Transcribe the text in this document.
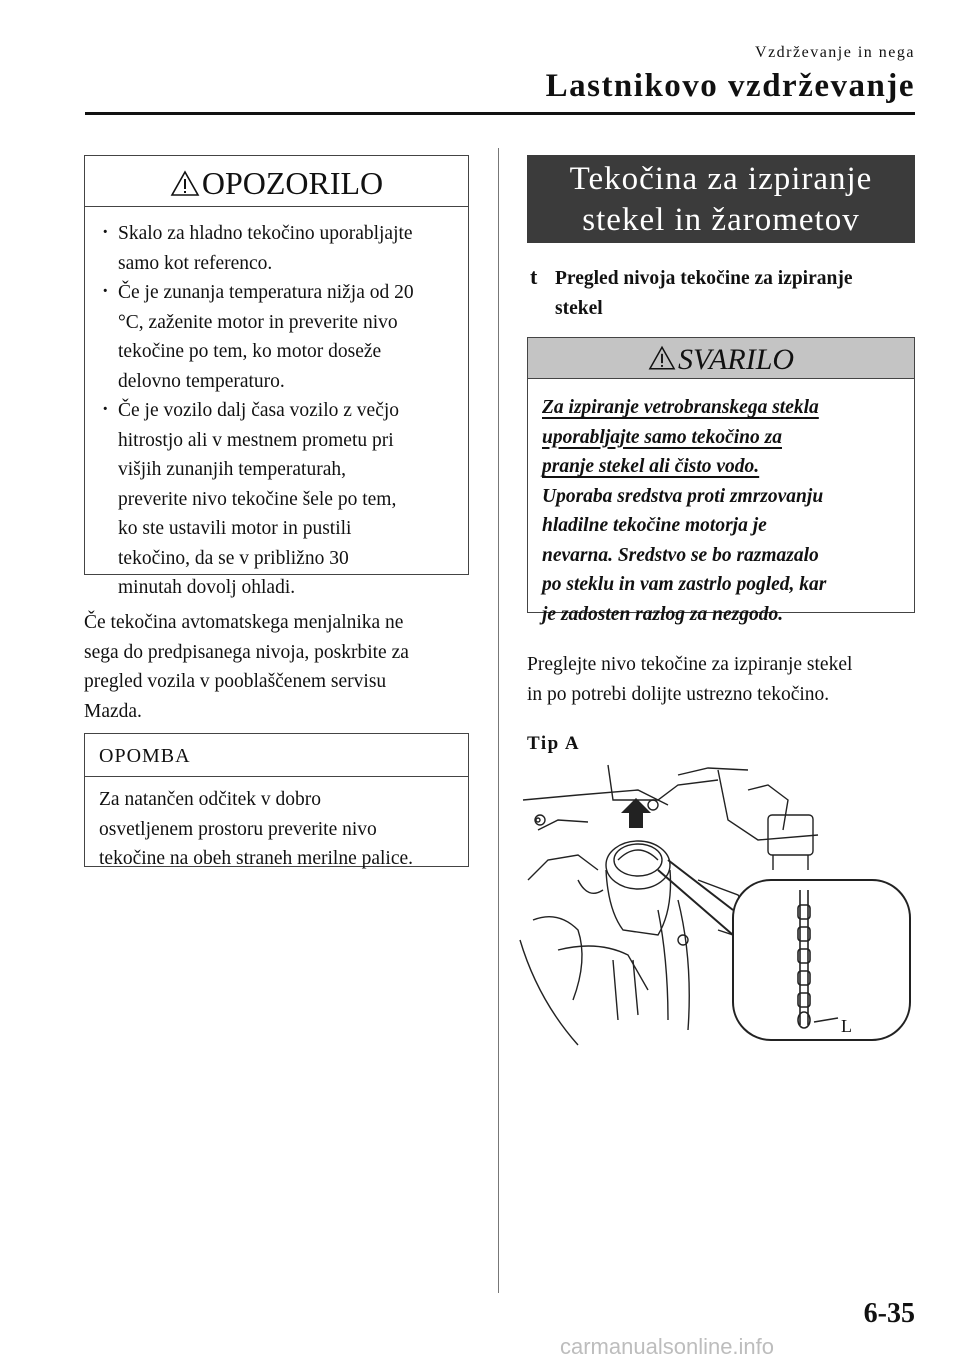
Vzdrževanje in nega
Lastnikovo vzdrževanje
OPOZORILO
· Skalo za hladno tekočino uporabljajte
samo kot referenco.
· Če je zunanja temperatura nižja od 20
°C, zaženite motor in preverite nivo
tekočine po tem, ko motor doseže
delovno temperaturo.
· Če je vozilo dalj časa vozilo z večjo
hitrostjo ali v mestnem prometu pri
višjih zunanjih temperaturah,
preverite nivo tekočine šele po tem,
ko ste ustavili motor in pustili
tekočino, da se v približno 30
minutah dovolj ohladi.
Če tekočina avtomatskega menjalnika ne
sega do predpisanega nivoja, poskrbite za
pregled vozila v pooblaščenem servisu
Mazda.
OPOMBA
Za natančen odčitek v dobro
osvetljenem prostoru preverite nivo
tekočine na obeh straneh merilne palice.
Tekočina za izpiranje
stekel in žarometov
t Pregled nivoja tekočine za izpiranje
stekel
SVARILO
Za izpiranje vetrobranskega stekla
uporabljajte samo tekočino za
pranje stekel ali čisto vodo.
Uporaba sredstva proti zmrzovanju
hladilne tekočine motorja je
nevarna. Sredstvo se bo razmazalo
po steklu in vam zastrlo pogled, kar
je zadosten razlog za nezgodo.
Preglejte nivo tekočine za izpiranje stekel
in po potrebi dolijte ustrezno tekočino.
Tip A
L
6-35
carmanualsonline.info
